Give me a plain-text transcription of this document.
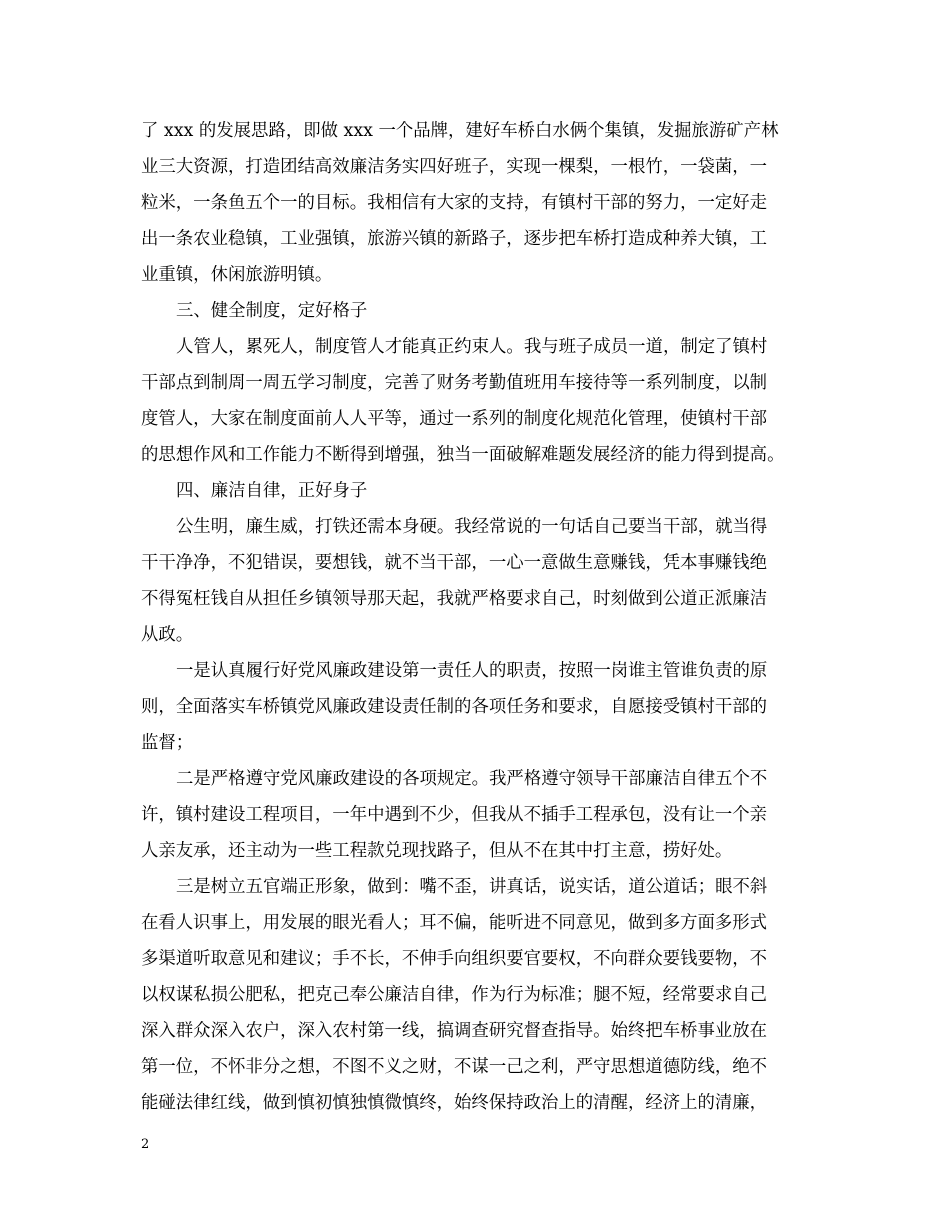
了 xxx 的发展思路，即做 xxx 一个品牌，建好车桥白水俩个集镇，发掘旅游矿产林
业三大资源，打造团结高效廉洁务实四好班子，实现一棵梨，一根竹，一袋菌，一
粒米，一条鱼五个一的目标。我相信有大家的支持，有镇村干部的努力，一定好走
出一条农业稳镇，工业强镇，旅游兴镇的新路子，逐步把车桥打造成种养大镇，工
业重镇，休闲旅游明镇。
三、健全制度，定好格子
人管人，累死人，制度管人才能真正约束人。我与班子成员一道，制定了镇村
干部点到制周一周五学习制度，完善了财务考勤值班用车接待等一系列制度，以制
度管人，大家在制度面前人人平等，通过一系列的制度化规范化管理，使镇村干部
的思想作风和工作能力不断得到增强，独当一面破解难题发展经济的能力得到提高。
四、廉洁自律，正好身子
公生明，廉生威，打铁还需本身硬。我经常说的一句话自己要当干部，就当得
干干净净，不犯错误，要想钱，就不当干部，一心一意做生意赚钱，凭本事赚钱绝
不得冤枉钱自从担任乡镇领导那天起，我就严格要求自己，时刻做到公道正派廉洁
从政。
一是认真履行好党风廉政建设第一责任人的职责，按照一岗谁主管谁负责的原
则，全面落实车桥镇党风廉政建设责任制的各项任务和要求，自愿接受镇村干部的
监督；
二是严格遵守党风廉政建设的各项规定。我严格遵守领导干部廉洁自律五个不
许，镇村建设工程项目，一年中遇到不少，但我从不插手工程承包，没有让一个亲
人亲友承，还主动为一些工程款兑现找路子，但从不在其中打主意，捞好处。
三是树立五官端正形象，做到：嘴不歪，讲真话，说实话，道公道话；眼不斜
在看人识事上，用发展的眼光看人；耳不偏，能听进不同意见，做到多方面多形式
多渠道听取意见和建议；手不长，不伸手向组织要官要权，不向群众要钱要物，不
以权谋私损公肥私，把克己奉公廉洁自律，作为行为标准；腿不短，经常要求自己
深入群众深入农户，深入农村第一线，搞调查研究督查指导。始终把车桥事业放在
第一位，不怀非分之想，不图不义之财，不谋一己之利，严守思想道德防线，绝不
能碰法律红线，做到慎初慎独慎微慎终，始终保持政治上的清醒，经济上的清廉，
2
